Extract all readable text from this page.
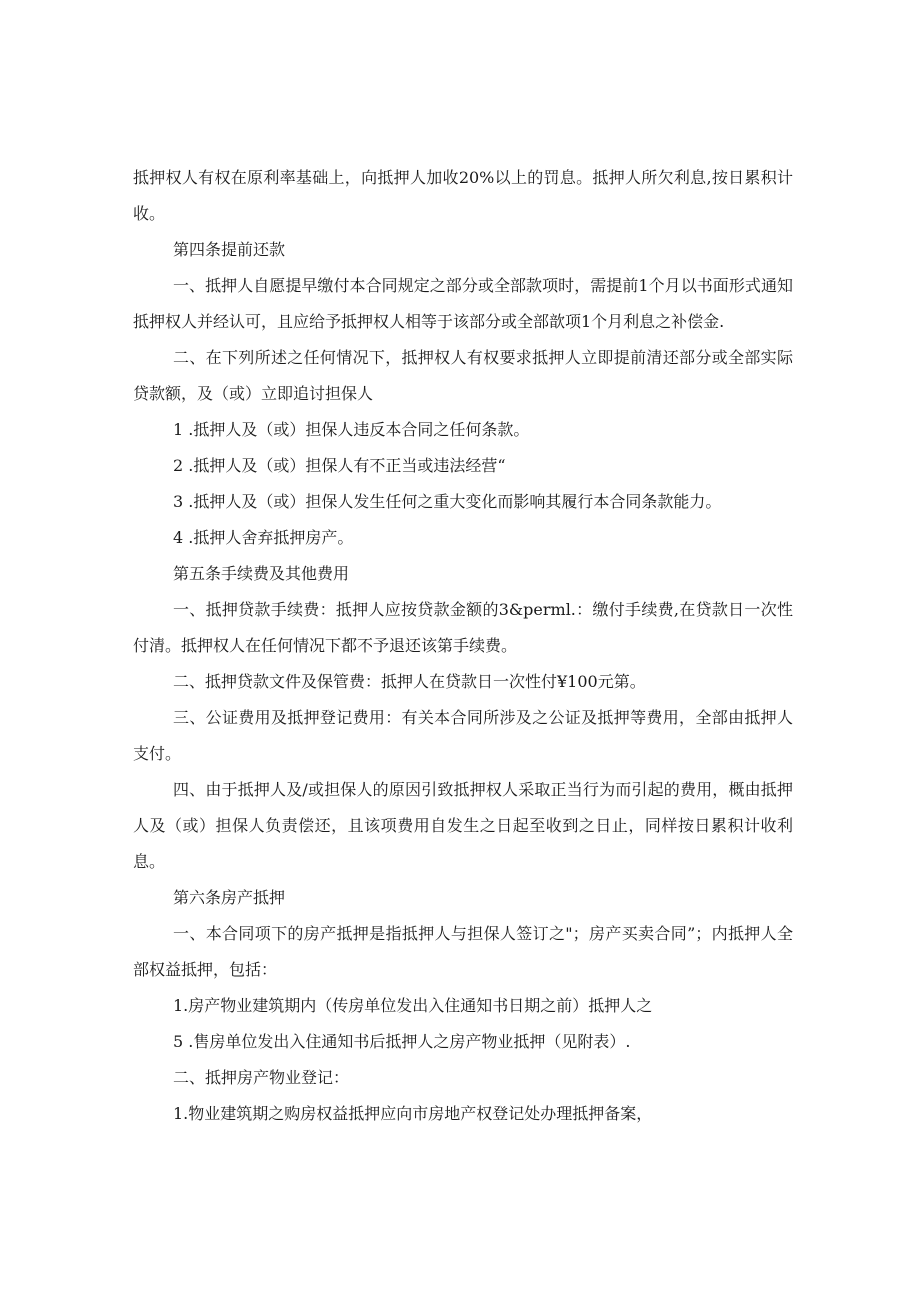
抵押权人有权在原利率基础上，向抵押人加收20%以上的罚息。抵押人所欠利息,按日累积计收。

第四条提前还款

一、抵押人自愿提早缴付本合同规定之部分或全部款项时，需提前1个月以书面形式通知抵押权人并经认可，且应给予抵押权人相等于该部分或全部歆项1个月利息之补偿金.

二、在下列所述之任何情况下，抵押权人有权要求抵押人立即提前清还部分或全部实际贷款额，及（或）立即追讨担保人

1 .抵押人及（或）担保人违反本合同之任何条款。

2 .抵押人及（或）担保人有不正当或违法经营“

3 .抵押人及（或）担保人发生任何之重大变化而影响其履行本合同条款能力。

4 .抵押人舍弃抵押房产。

第五条手续费及其他费用

一、抵押贷款手续费：抵押人应按贷款金额的3&perml.：缴付手续费,在贷款日一次性付清。抵押权人在任何情况下都不予退还该第手续费。

二、抵押贷款文件及保管费：抵押人在贷款日一次性付¥100元第。

三、公证费用及抵押登记费用：有关本合同所涉及之公证及抵押等费用，全部由抵押人支付。

四、由于抵押人及/或担保人的原因引致抵押权人采取正当行为而引起的费用，概由抵押人及（或）担保人负责偿还，且该项费用自发生之日起至收到之日止，同样按日累积计收利息。

第六条房产抵押

一、本合同项下的房产抵押是指抵押人与担保人签订之"；房产买卖合同”；内抵押人全部权益抵押，包括：

1.房产物业建筑期内（传房单位发出入住通知书日期之前）抵押人之

5 .售房单位发出入住通知书后抵押人之房产物业抵押（见附表）.

二、抵押房产物业登记：

1.物业建筑期之购房权益抵押应向市房地产权登记处办理抵押备案，
